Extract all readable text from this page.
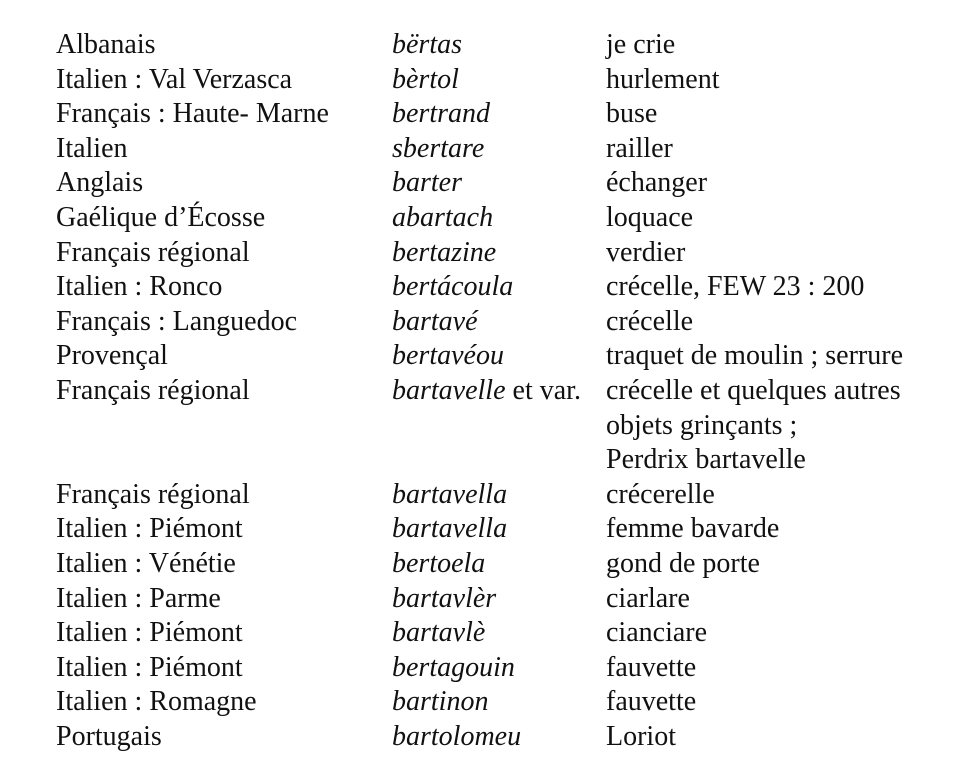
Albanais	bërtas	je crie

Italien : Val Verzasca	bèrtol	hurlement

Français : Haute- Marne	bertrand	buse

Italien	sbertare	railler

Anglais	barter	échanger

Gaélique d’Écosse	abartach	loquace

Français régional	bertazine	verdier

Italien : Ronco	bertácoula	crécelle, FEW 23 : 200

Français : Languedoc	bartavé	crécelle

Provençal	bertavéou	traquet de moulin ; serrure

Français régional	bartavelle et var.	crécelle et quelques autres
objets grinçants ;
Perdrix bartavelle

Français régional	bartavella	crécerelle

Italien : Piémont	bartavella	femme bavarde

Italien : Vénétie	bertoela	gond de porte

Italien : Parme	bartavlèr	ciarlare

Italien : Piémont	bartavlè	cianciare

Italien : Piémont	bertagouin	fauvette

Italien : Romagne	bartinon	fauvette

Portugais	bartolomeu	Loriot
